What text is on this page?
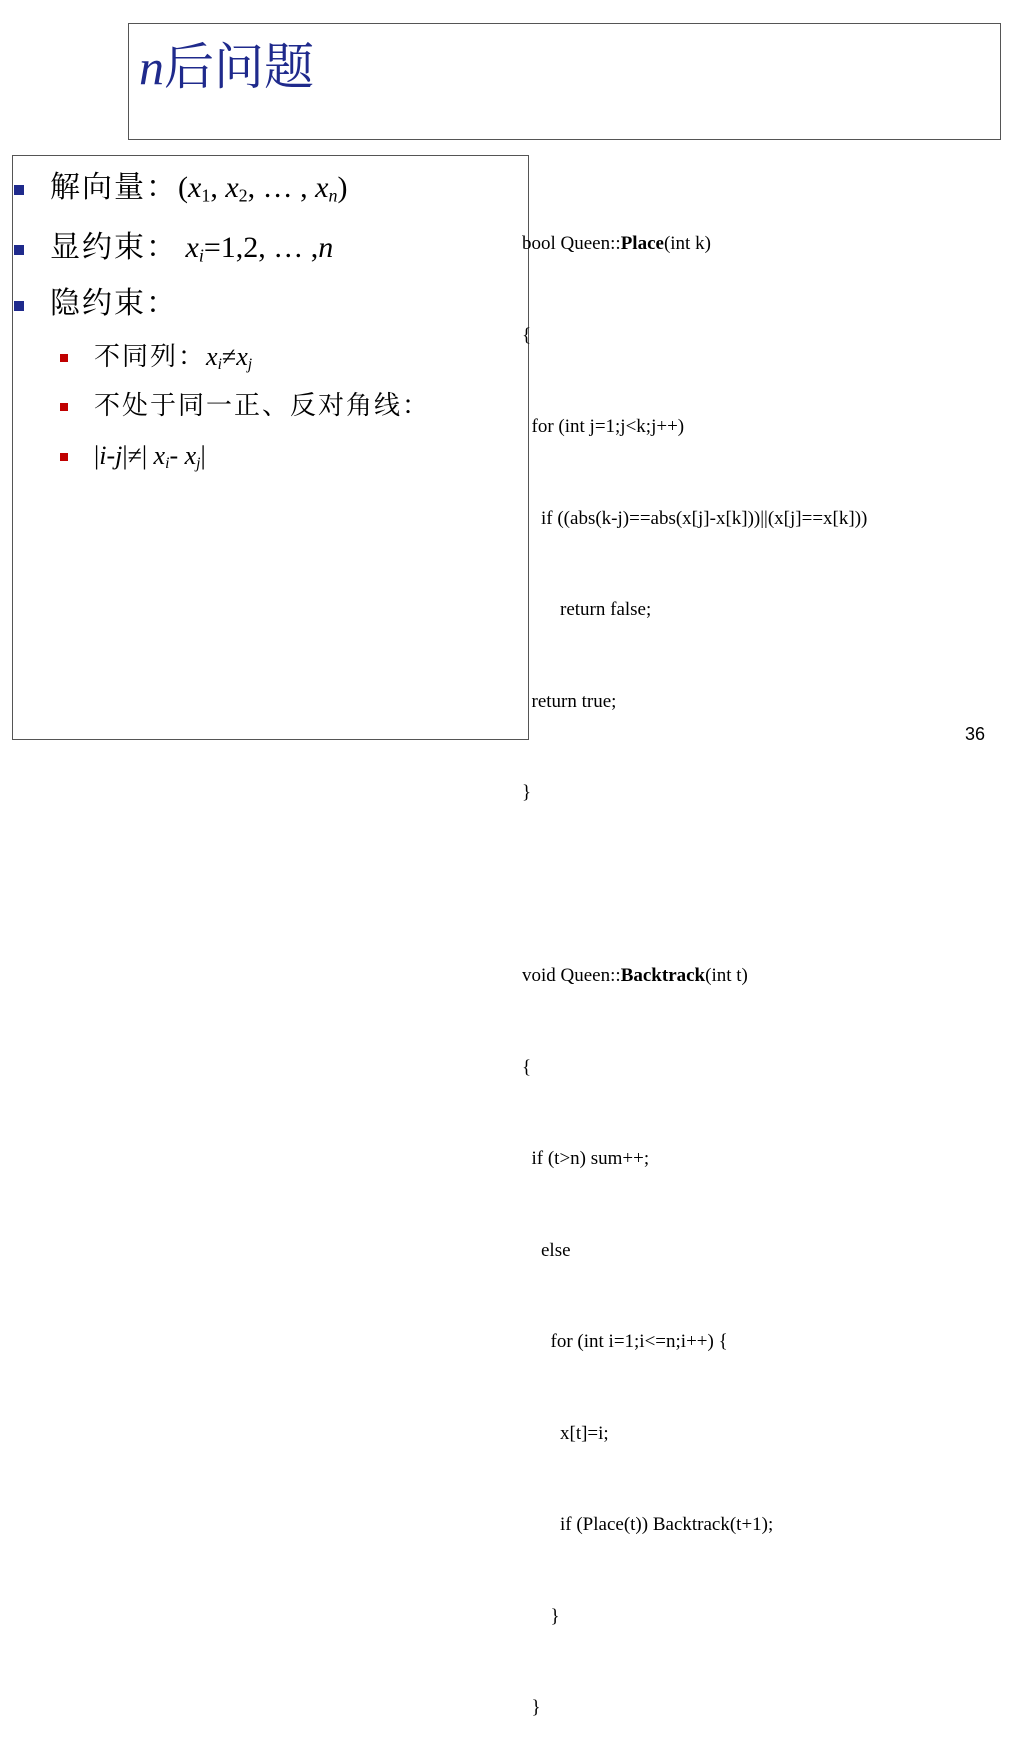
n后问题
解向量：($x_1$, $x_2$, … , $x_n$)
显约束： $x_i=1,2$, … ,n
隐约束：
不同列：$x_i\ne x_j$
不处于同一正、反对角线：
|i-j|≠| $x_i-$ $x_j|$

bool Queen::Place(int k)

{

for (int j=1;j<k;j++)

if ((abs(k-j)==abs(x[j]-x[k]))||(x[j]==x[k]))

return false;

return true;

}

void Queen::Backtrack(int t)

{

if (t>n) sum++;

else

for (int i=1;i<=n;i++) {

x[t]=i;

if (Place(t)) Backtrack(t+1);

}

}

36
